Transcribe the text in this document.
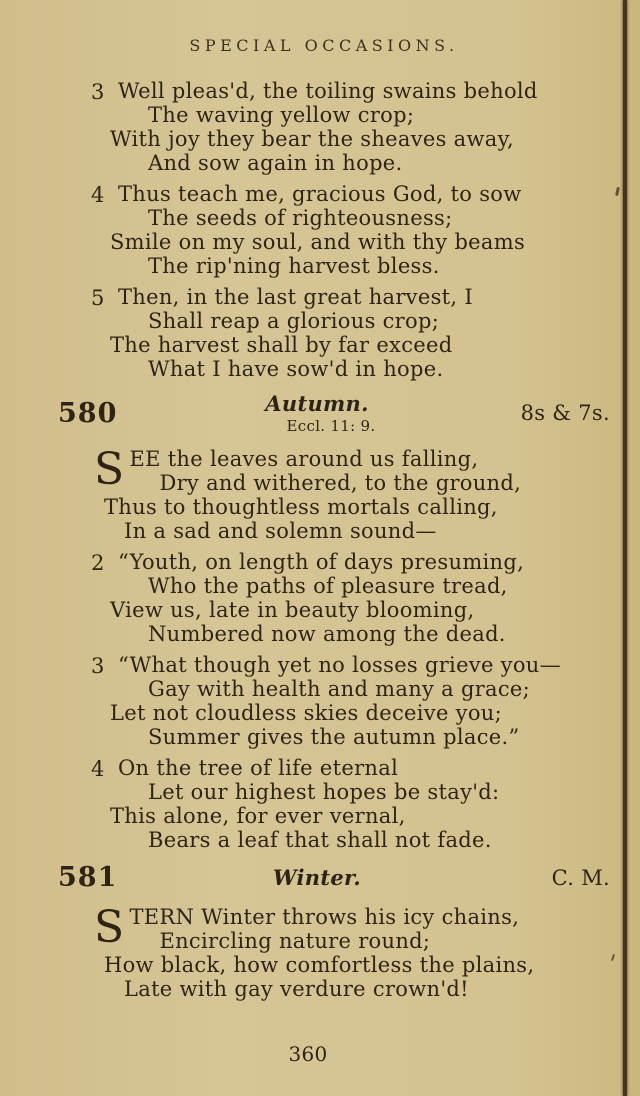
SPECIAL OCCASIONS.
3 Well pleas'd, the toiling swains behold
The waving yellow crop;
With joy they bear the sheaves away,
And sow again in hope.
4 Thus teach me, gracious God, to sow
The seeds of righteousness;
Smile on my soul, and with thy beams
The rip'ning harvest bless.
5 Then, in the last great harvest, I
Shall reap a glorious crop;
The harvest shall by far exceed
What I have sow'd in hope.
580	Autumn.
Eccl. 11: 9.
8s & 7s.
SEE the leaves around us falling,
Dry and withered, to the ground,
Thus to thoughtless mortals calling,
In a sad and solemn sound—
2 “Youth, on length of days presuming,
Who the paths of pleasure tread,
View us, late in beauty blooming,
Numbered now among the dead.
3 “What though yet no losses grieve you—
Gay with health and many a grace;
Let not cloudless skies deceive you;
Summer gives the autumn place.”
4 On the tree of life eternal
Let our highest hopes be stay'd:
This alone, for ever vernal,
Bears a leaf that shall not fade.
581	Winter.	C. M.
STERN Winter throws his icy chains,
Encircling nature round;
How black, how comfortless the plains,
Late with gay verdure crown'd!
360
